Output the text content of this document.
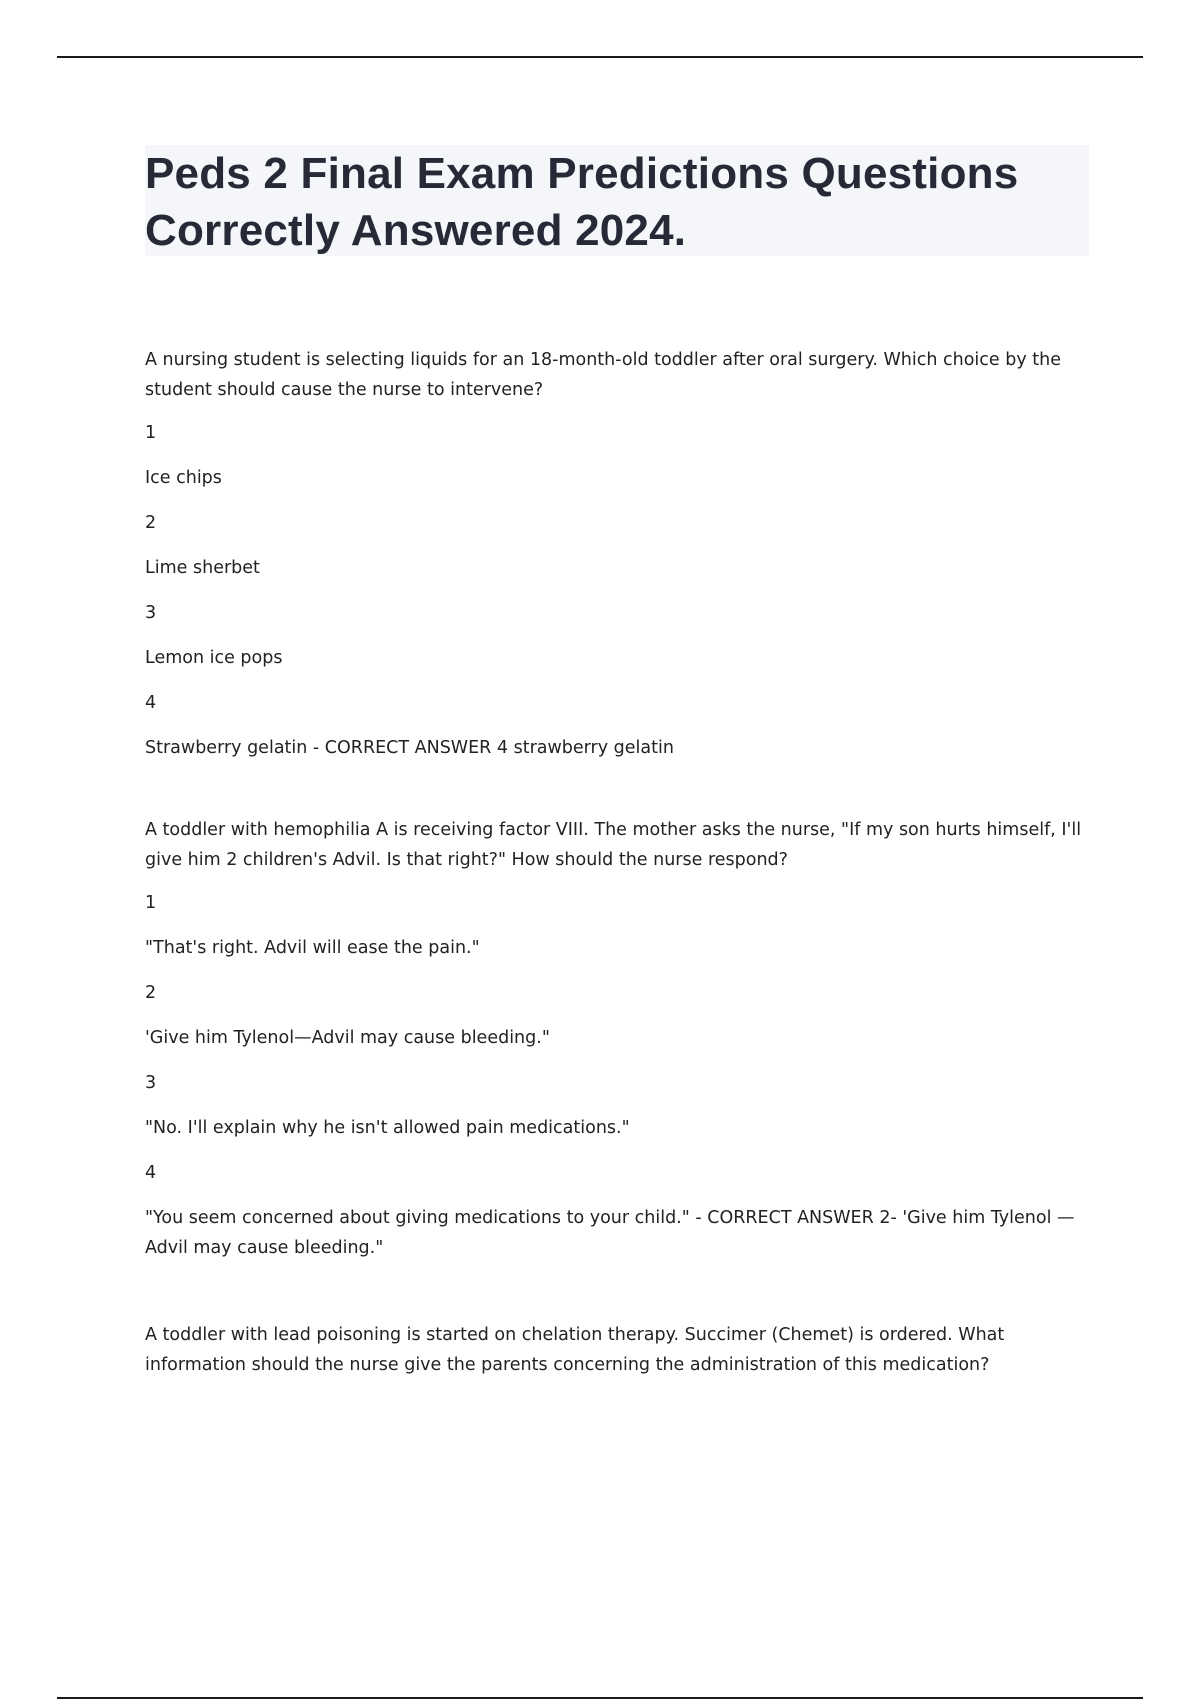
Peds 2 Final Exam Predictions Questions Correctly Answered 2024.

A nursing student is selecting liquids for an 18-month-old toddler after oral surgery. Which choice by the student should cause the nurse to intervene?

1

Ice chips

2

Lime sherbet

3

Lemon ice pops

4

Strawberry gelatin - CORRECT ANSWER 4 strawberry gelatin

A toddler with hemophilia A is receiving factor VIII. The mother asks the nurse, "If my son hurts himself, I'll give him 2 children's Advil. Is that right?" How should the nurse respond?

1

"That's right. Advil will ease the pain."

2

'Give him Tylenol—Advil may cause bleeding."

3

"No. I'll explain why he isn't allowed pain medications."

4

"You seem concerned about giving medications to your child." - CORRECT ANSWER 2- 'Give him Tylenol —Advil may cause bleeding."

A toddler with lead poisoning is started on chelation therapy. Succimer (Chemet) is ordered. What information should the nurse give the parents concerning the administration of this medication?
